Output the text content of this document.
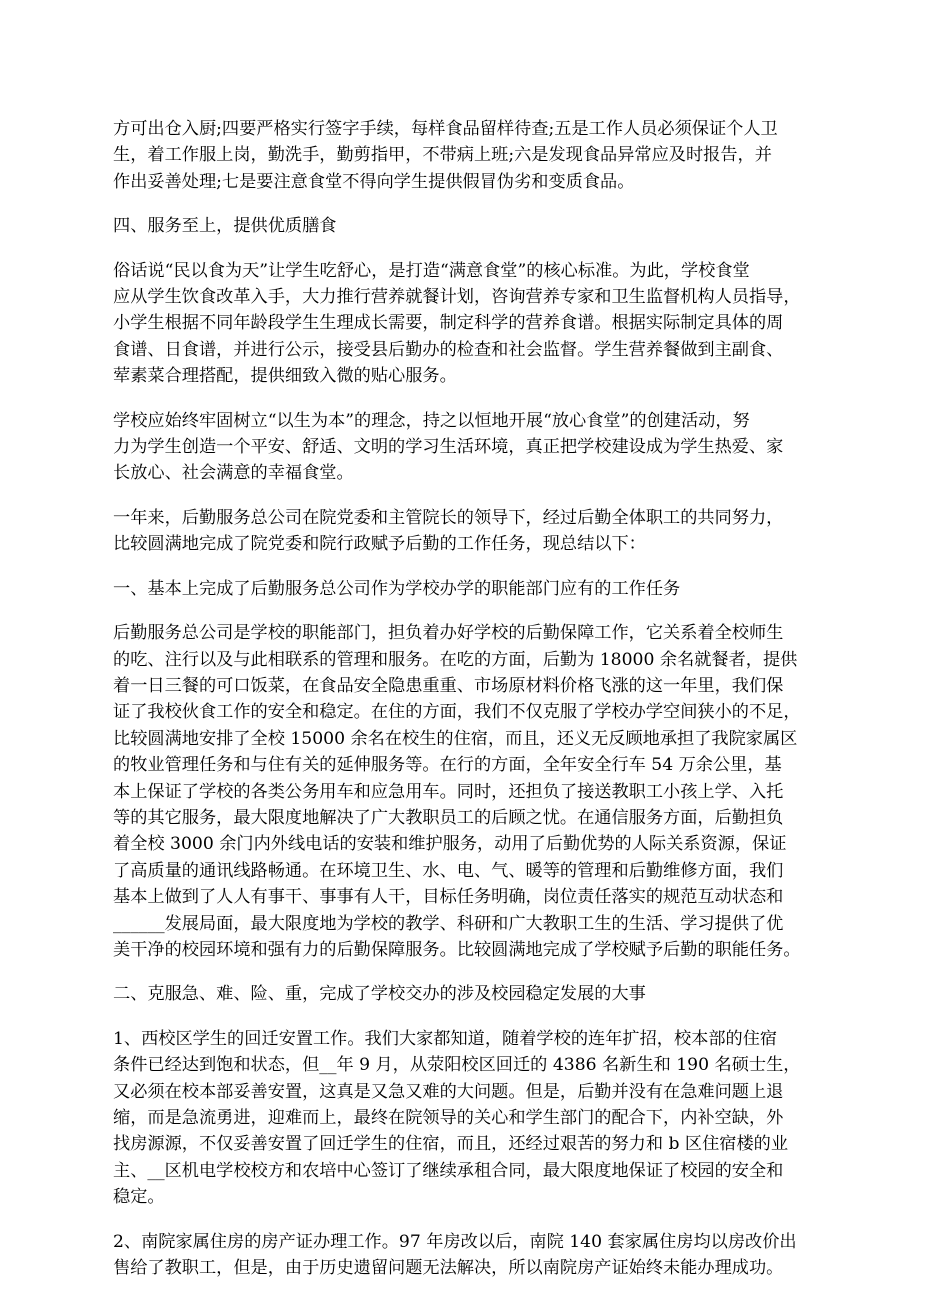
方可出仓入厨;四要严格实行签字手续，每样食品留样待查;五是工作人员必须保证个人卫
生，着工作服上岗，勤洗手，勤剪指甲，不带病上班;六是发现食品异常应及时报告，并
作出妥善处理;七是要注意食堂不得向学生提供假冒伪劣和变质食品。
四、服务至上，提供优质膳食
俗话说“民以食为天”让学生吃舒心，是打造“满意食堂”的核心标准。为此，学校食堂
应从学生饮食改革入手，大力推行营养就餐计划，咨询营养专家和卫生监督机构人员指导，
小学生根据不同年龄段学生生理成长需要，制定科学的营养食谱。根据实际制定具体的周
食谱、日食谱，并进行公示，接受县后勤办的检查和社会监督。学生营养餐做到主副食、
荤素菜合理搭配，提供细致入微的贴心服务。
学校应始终牢固树立“以生为本”的理念，持之以恒地开展“放心食堂”的创建活动，努
力为学生创造一个平安、舒适、文明的学习生活环境，真正把学校建设成为学生热爱、家
长放心、社会满意的幸福食堂。
一年来，后勤服务总公司在院党委和主管院长的领导下，经过后勤全体职工的共同努力，
比较圆满地完成了院党委和院行政赋予后勤的工作任务，现总结以下：
一、基本上完成了后勤服务总公司作为学校办学的职能部门应有的工作任务
后勤服务总公司是学校的职能部门，担负着办好学校的后勤保障工作，它关系着全校师生
的吃、注行以及与此相联系的管理和服务。在吃的方面，后勤为 18000 余名就餐者，提供
着一日三餐的可口饭菜，在食品安全隐患重重、市场原材料价格飞涨的这一年里，我们保
证了我校伙食工作的安全和稳定。在住的方面，我们不仅克服了学校办学空间狭小的不足，
比较圆满地安排了全校 15000 余名在校生的住宿，而且，还义无反顾地承担了我院家属区
的牧业管理任务和与住有关的延伸服务等。在行的方面，全年安全行车 54 万余公里，基
本上保证了学校的各类公务用车和应急用车。同时，还担负了接送教职工小孩上学、入托
等的其它服务，最大限度地解决了广大教职员工的后顾之忧。在通信服务方面，后勤担负
着全校 3000 余门内外线电话的安装和维护服务，动用了后勤优势的人际关系资源，保证
了高质量的通讯线路畅通。在环境卫生、水、电、气、暖等的管理和后勤维修方面，我们
基本上做到了人人有事干、事事有人干，目标任务明确，岗位责任落实的规范互动状态和
______发展局面，最大限度地为学校的教学、科研和广大教职工生的生活、学习提供了优
美干净的校园环境和强有力的后勤保障服务。比较圆满地完成了学校赋予后勤的职能任务。
二、克服急、难、险、重，完成了学校交办的涉及校园稳定发展的大事
1、西校区学生的回迁安置工作。我们大家都知道，随着学校的连年扩招，校本部的住宿
条件已经达到饱和状态，但__年 9 月，从荥阳校区回迁的 4386 名新生和 190 名硕士生，
又必须在校本部妥善安置，这真是又急又难的大问题。但是，后勤并没有在急难问题上退
缩，而是急流勇进，迎难而上，最终在院领导的关心和学生部门的配合下，内补空缺，外
找房源源，不仅妥善安置了回迁学生的住宿，而且，还经过艰苦的努力和 b 区住宿楼的业
主、__区机电学校校方和农培中心签订了继续承租合同，最大限度地保证了校园的安全和
稳定。
2、南院家属住房的房产证办理工作。97 年房改以后，南院 140 套家属住房均以房改价出
售给了教职工，但是，由于历史遗留问题无法解决，所以南院房产证始终未能办理成功。
